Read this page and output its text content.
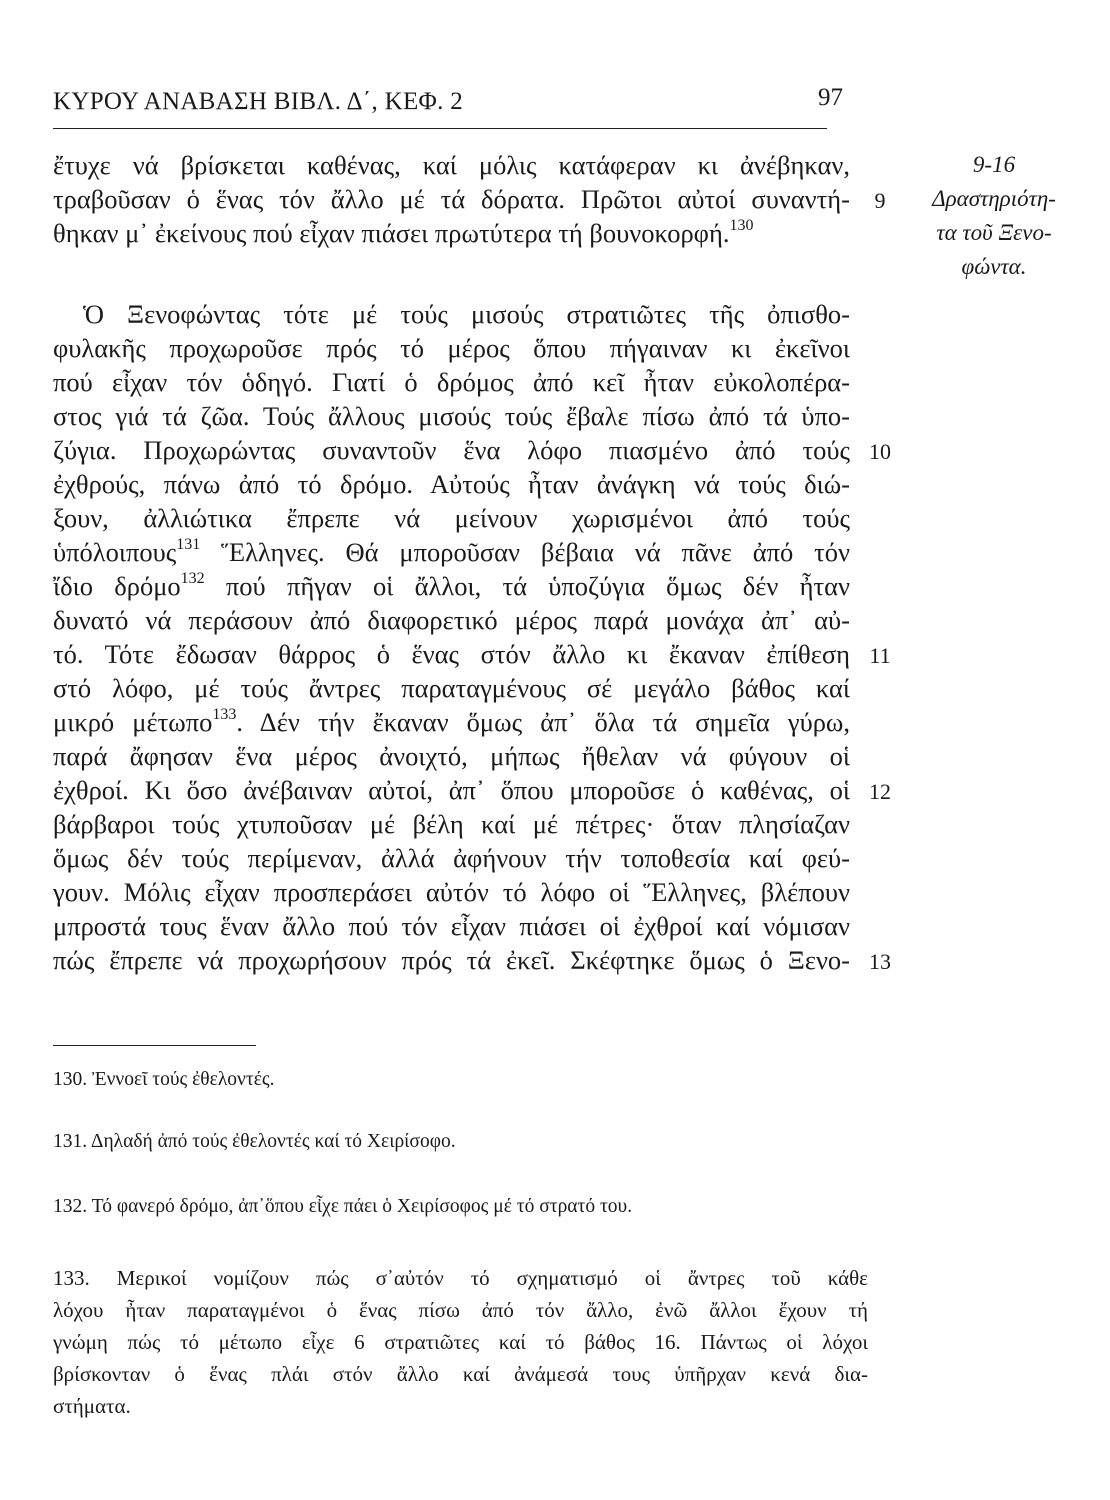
ΚΥΡΟΥ ΑΝΑΒΑΣΗ ΒΙΒΛ. Δ΄, ΚΕΦ. 2	97
9-16
Δραστηριότη-
τα τοῦ Ξενο-
φώντα.
ἔτυχε νά βρίσκεται καθένας, καί μόλις κατάφεραν κι ἀνέβηκαν,
τραβοῦσαν ὁ ἕνας τόν ἄλλο μέ τά δόρατα. Πρῶτοι αὐτοί συναντή-	9
θηκαν μ᾽ ἐκείνους πού εἶχαν πιάσει πρωτύτερα τή βουνοκορφή.$^{130}$
Ὁ Ξενοφώντας τότε μέ τούς μισούς στρατιῶτες τῆς ὀπισθο-
φυλακῆς προχωροῦσε πρός τό μέρος ὅπου πήγαιναν κι ἐκεῖνοι
πού εἶχαν τόν ὁδηγό. Γιατί ὁ δρόμος ἀπό κεῖ ἦταν εὐκολοπέρα-
στος γιά τά ζῶα. Τούς ἄλλους μισούς τούς ἔβαλε πίσω ἀπό τά ὑπο-
ζύγια. Προχωρώντας συναντοῦν ἕνα λόφο πιασμένο ἀπό τούς 10
ἐχθρούς, πάνω ἀπό τό δρόμο. Αὐτούς ἦταν ἀνάγκη νά τούς διώ-
ξουν, ἀλλιώτικα ἔπρεπε νά μείνουν χωρισμένοι ἀπό τούς
ὑπόλοιπους$^{131}$ Ἕλληνες. Θά μποροῦσαν βέβαια νά πᾶνε ἀπό τόν
ἴδιο δρόμο$^{132}$ πού πῆγαν οἱ ἄλλοι, τά ὑποζύγια ὅμως δέν ἦταν
δυνατό νά περάσουν ἀπό διαφορετικό μέρος παρά μονάχα ἀπ᾽ αὐ-
τό. Τότε ἔδωσαν θάρρος ὁ ἕνας στόν ἄλλο κι ἔκαναν ἐπίθεση 11
στό λόφο, μέ τούς ἄντρες παραταγμένους σέ μεγάλο βάθος καί
μικρό μέτωπο$^{133}$. Δέν τήν ἔκαναν ὅμως ἀπ᾽ ὅλα τά σημεῖα γύρω,
παρά ἄφησαν ἕνα μέρος ἀνοιχτό, μήπως ἤθελαν νά φύγουν οἱ
ἐχθροί. Κι ὅσο ἀνέβαιναν αὐτοί, ἀπ᾽ ὅπου μποροῦσε ὁ καθένας, οἱ 12
βάρβαροι τούς χτυποῦσαν μέ βέλη καί μέ πέτρες· ὅταν πλησίαζαν
ὅμως δέν τούς περίμεναν, ἀλλά ἀφήνουν τήν τοποθεσία καί φεύ-
γουν. Μόλις εἶχαν προσπεράσει αὐτόν τό λόφο οἱ Ἕλληνες, βλέπουν
μπροστά τους ἕναν ἄλλο πού τόν εἶχαν πιάσει οἱ ἐχθροί καί νόμισαν
πώς ἔπρεπε νά προχωρήσουν πρός τά ἐκεῖ. Σκέφτηκε ὅμως ὁ Ξενο- 13
130. Ἐννοεῖ τούς ἐθελοντές.
131. Δηλαδή ἀπό τούς ἐθελοντές καί τό Χειρίσοφο.
132. Τό φανερό δρόμο, ἀπ᾽ὅπου εἶχε πάει ὁ Χειρίσοφος μέ τό στρατό του.
133. Μερικοί νομίζουν πώς σ᾽αὐτόν τό σχηματισμό οἱ ἄντρες τοῦ κάθε
λόχου ἦταν παραταγμένοι ὁ ἕνας πίσω ἀπό τόν ἄλλο, ἐνῶ ἄλλοι ἔχουν τή
γνώμη πώς τό μέτωπο εἶχε 6 στρατιῶτες καί τό βάθος 16. Πάντως οἱ λόχοι
βρίσκονταν ὁ ἕνας πλάι στόν ἄλλο καί ἀνάμεσά τους ὑπῆρχαν κενά δια-
στήματα.
